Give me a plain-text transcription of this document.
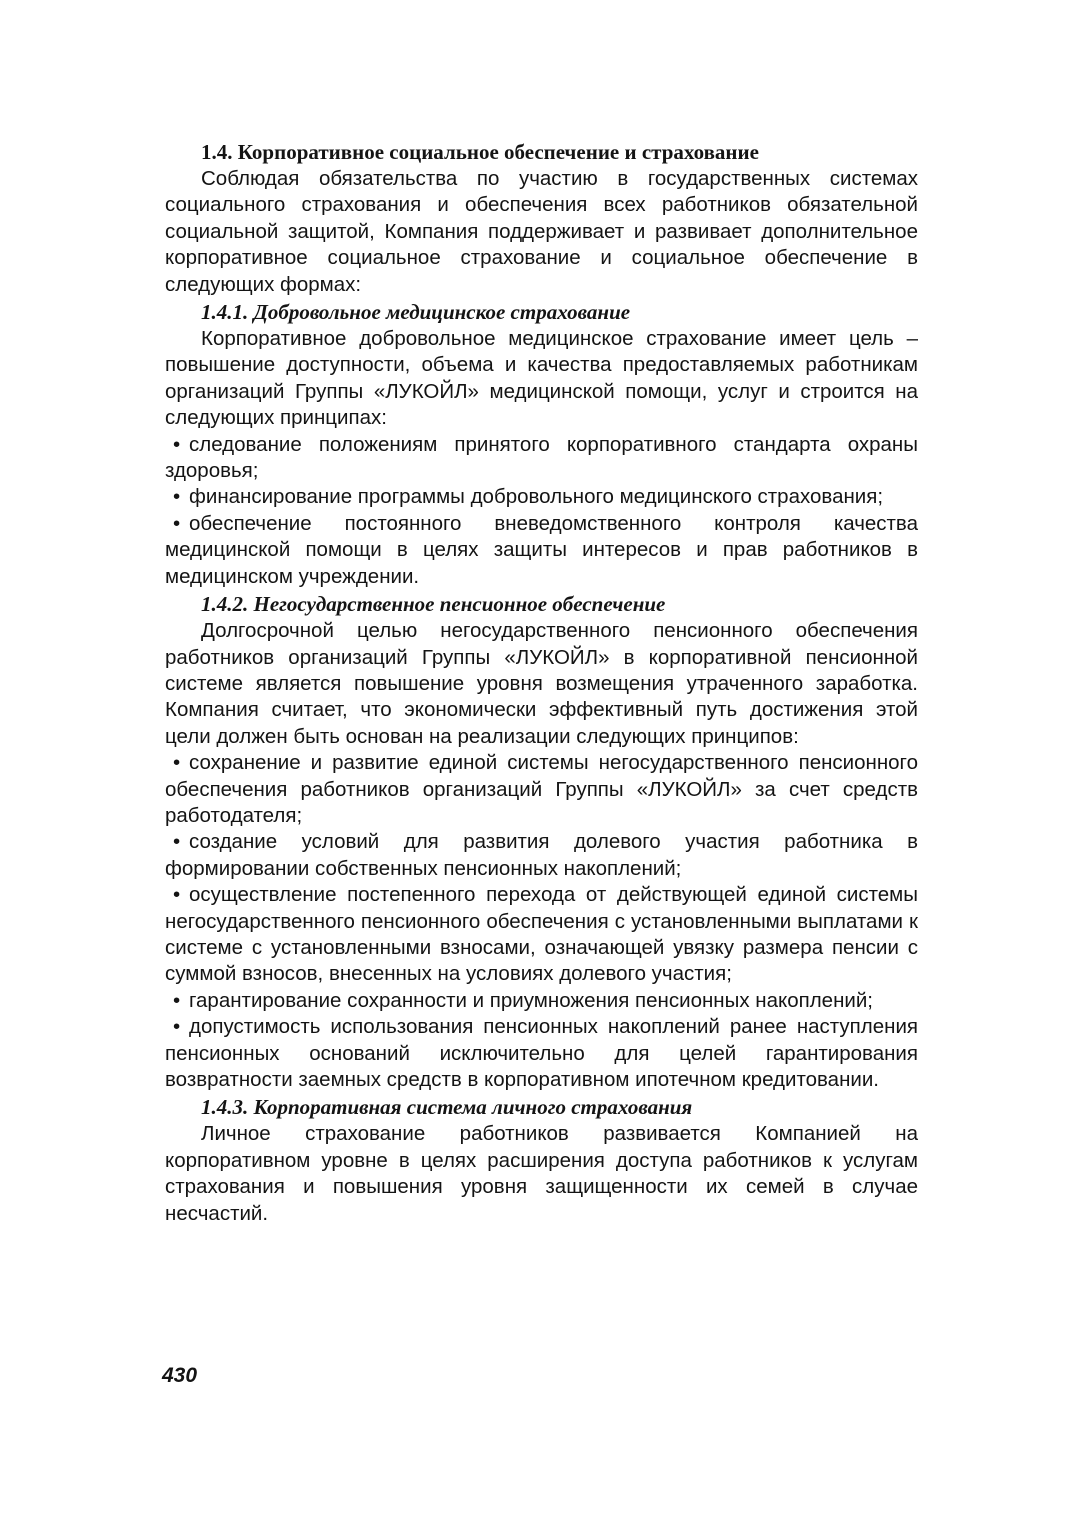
1.4. Корпоративное социальное обеспечение и страхование

Соблюдая обязательства по участию в государственных системах социального страхования и обеспечения всех работников обязательной социальной защитой, Компания поддерживает и развивает дополнительное корпоративное социальное страхование и социальное обеспечение в следующих формах:

1.4.1. Добровольное медицинское страхование

Корпоративное добровольное медицинское страхование имеет цель – повышение доступности, объема и качества предоставляемых работникам организаций Группы «ЛУКОЙЛ» медицинской помощи, услуг и строится на следующих принципах:

• следование положениям принятого корпоративного стандарта охраны здоровья;

• финансирование программы добровольного медицинского страхования;

• обеспечение постоянного вневедомственного контроля качества медицинской помощи в целях защиты интересов и прав работников в медицинском учреждении.

1.4.2. Негосударственное пенсионное обеспечение

Долгосрочной целью негосударственного пенсионного обеспечения работников организаций Группы «ЛУКОЙЛ» в корпоративной пенсионной системе является повышение уровня возмещения утраченного заработка. Компания считает, что экономически эффективный путь достижения этой цели должен быть основан на реализации следующих принципов:

• сохранение и развитие единой системы негосударственного пенсионного обеспечения работников организаций Группы «ЛУКОЙЛ» за счет средств работодателя;

• создание условий для развития долевого участия работника в формировании собственных пенсионных накоплений;

• осуществление постепенного перехода от действующей единой системы негосударственного пенсионного обеспечения с установленными выплатами к системе с установленными взносами, означающей увязку размера пенсии с суммой взносов, внесенных на условиях долевого участия;

• гарантирование сохранности и приумножения пенсионных накоплений;

• допустимость использования пенсионных накоплений ранее наступления пенсионных оснований исключительно для целей гарантирования возвратности заемных средств в корпоративном ипотечном кредитовании.

1.4.3. Корпоративная система личного страхования

Личное страхование работников развивается Компанией на корпоративном уровне в целях расширения доступа работников к услугам страхования и повышения уровня защищенности их семей в случае несчастий.

430
